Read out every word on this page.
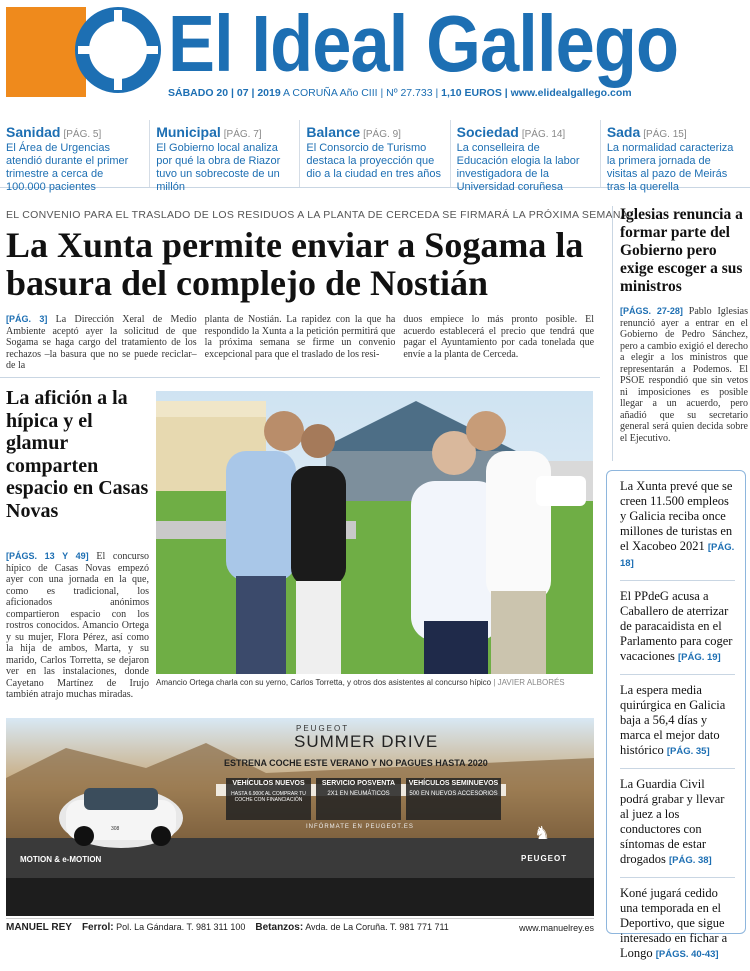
El Ideal Gallego
SÁBADO 20 | 07 | 2019 A CORUÑA Año CIII | Nº 27.733 | 1,10 EUROS | www.elidealgallego.com
Sanidad [PÁG. 5]
El Área de Urgencias atendió durante el primer trimestre a cerca de 100.000 pacientes
Municipal [PÁG. 7]
El Gobierno local analiza por qué la obra de Riazor tuvo un sobrecoste de un millón
Balance [PÁG. 9]
El Consorcio de Turismo destaca la proyección que dio a la ciudad en tres años
Sociedad [PÁG. 14]
La conselleira de Educación elogia la labor investigadora de la Universidad coruñesa
Sada [PÁG. 15]
La normalidad caracteriza la primera jornada de visitas al pazo de Meirás tras la querella
EL CONVENIO PARA EL TRASLADO DE LOS RESIDUOS A LA PLANTA DE CERCEDA SE FIRMARÁ LA PRÓXIMA SEMANA
La Xunta permite enviar a Sogama la basura del complejo de Nostián

[PÁG. 3] La Dirección Xeral de Medio Ambiente aceptó ayer la solicitud de que Sogama se haga cargo del tratamiento de los rechazos –la basura que no se puede reciclar– de la

planta de Nostián. La rapidez con la que ha respondido la Xunta a la petición permitirá que la próxima semana se firme un convenio excepcional para que el traslado de los resi-

duos empiece lo más pronto posible. El acuerdo establecerá el precio que tendrá que pagar el Ayuntamiento por cada tonelada que envíe a la planta de Cerceda.

Iglesias renuncia a formar parte del Gobierno pero exige escoger a sus ministros

[PÁGS. 27-28] Pablo Iglesias renunció ayer a entrar en el Gobierno de Pedro Sánchez, pero a cambio exigió el derecho a elegir a los ministros que representarán a Podemos. El PSOE respondió que sin vetos ni imposiciones es posible llegar a un acuerdo, pero añadió que su secretario general será quien decida sobre el Ejecutivo.

La afición a la hípica y el glamur comparten espacio en Casas Novas

[PÁGS. 13 Y 49] El concurso hípico de Casas Novas empezó ayer con una jornada en la que, como es tradicional, los aficionados anónimos compartieron espacio con los rostros conocidos. Amancio Ortega y su mujer, Flora Pérez, así como la hija de ambos, Marta, y su marido, Carlos Torretta, se dejaron ver en las instalaciones, donde Cayetano Martínez de Irujo también atrajo muchas miradas.

Amancio Ortega charla con su yerno, Carlos Torretta, y otros dos asistentes al concurso hípico | JAVIER ALBORÉS
PEUGEOT
SUMMER DRIVE
ESTRENA COCHE ESTE VERANO Y NO PAGUES HASTA 2020
VEHÍCULOS NUEVOS
HASTA 6.900€ AL COMPRAR TU COCHE CON FINANCIACIÓN
SERVICIO POSVENTA
2X1 EN NEUMÁTICOS
VEHÍCULOS SEMINUEVOS
500 EN NUEVOS ACCESORIOS
INFÓRMATE EN PEUGEOT.ES
308
MOTION & e-MOTION
♞
PEUGEOT
MANUEL REY Ferrol: Pol. La Gándara. T. 981 311 100 Betanzos: Avda. de La Coruña. T. 981 771 711	www.manuelrey.es
La Xunta prevé que se creen 11.500 empleos y Galicia reciba once millones de turistas en el Xacobeo 2021 [PÁG. 18]
El PPdeG acusa a Caballero de aterrizar de paracaidista en el Parlamento para coger vacaciones [PÁG. 19]
La espera media quirúrgica en Galicia baja a 56,4 días y marca el mejor dato histórico [PÁG. 35]
La Guardia Civil podrá grabar y llevar al juez a los conductores con síntomas de estar drogados [PÁG. 38]
Koné jugará cedido una temporada en el Deportivo, que sigue interesado en fichar a Longo [PÁGS. 40-43]
